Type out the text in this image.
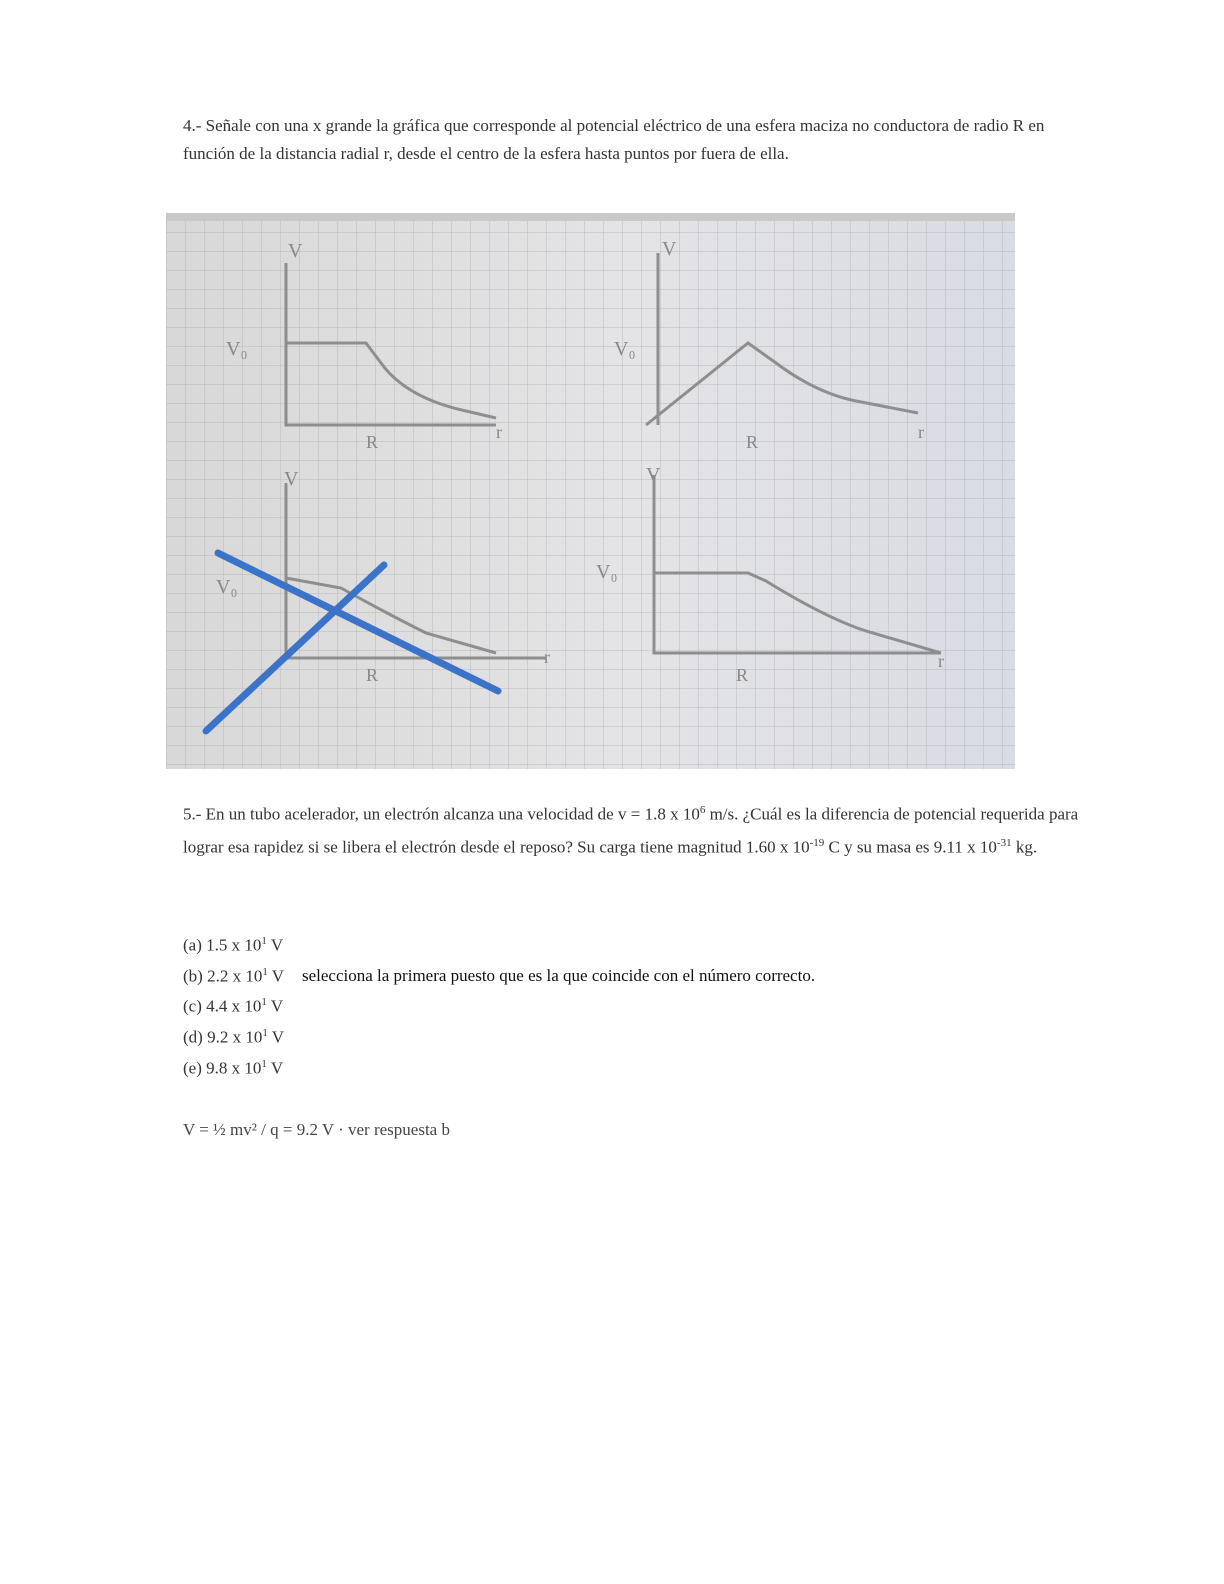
4.- Señale con una x grande la gráfica que corresponde al potencial eléctrico de una esfera maciza no conductora de radio R en función de la distancia radial r, desde el centro de la esfera hasta puntos por fuera de ella.
V
V₀
R	r
V
V₀
R	r
V
V₀
R
r
V
V₀
R
r
5.- En un tubo acelerador, un electrón alcanza una velocidad de v = 1.8 x $10^6$ m/s. ¿Cuál es la diferencia de potencial requerida para lograr esa rapidez si se libera el electrón desde el reposo? Su carga tiene magnitud 1.60 x $10^{-19}$ C y su masa es 9.11 x $10^{-31}$ kg.
(a) 1.5 x $10^1$ V
(b) 2.2 x $10^1$ V selecciona la primera puesto que es la que coincide con el número correcto.
(c) 4.4 x $10^1$ V
(d) 9.2 x $10^1$ V
(e) 9.8 x $10^1$ V
V = ½ mv² / q = 9.2 V · ver respuesta b
